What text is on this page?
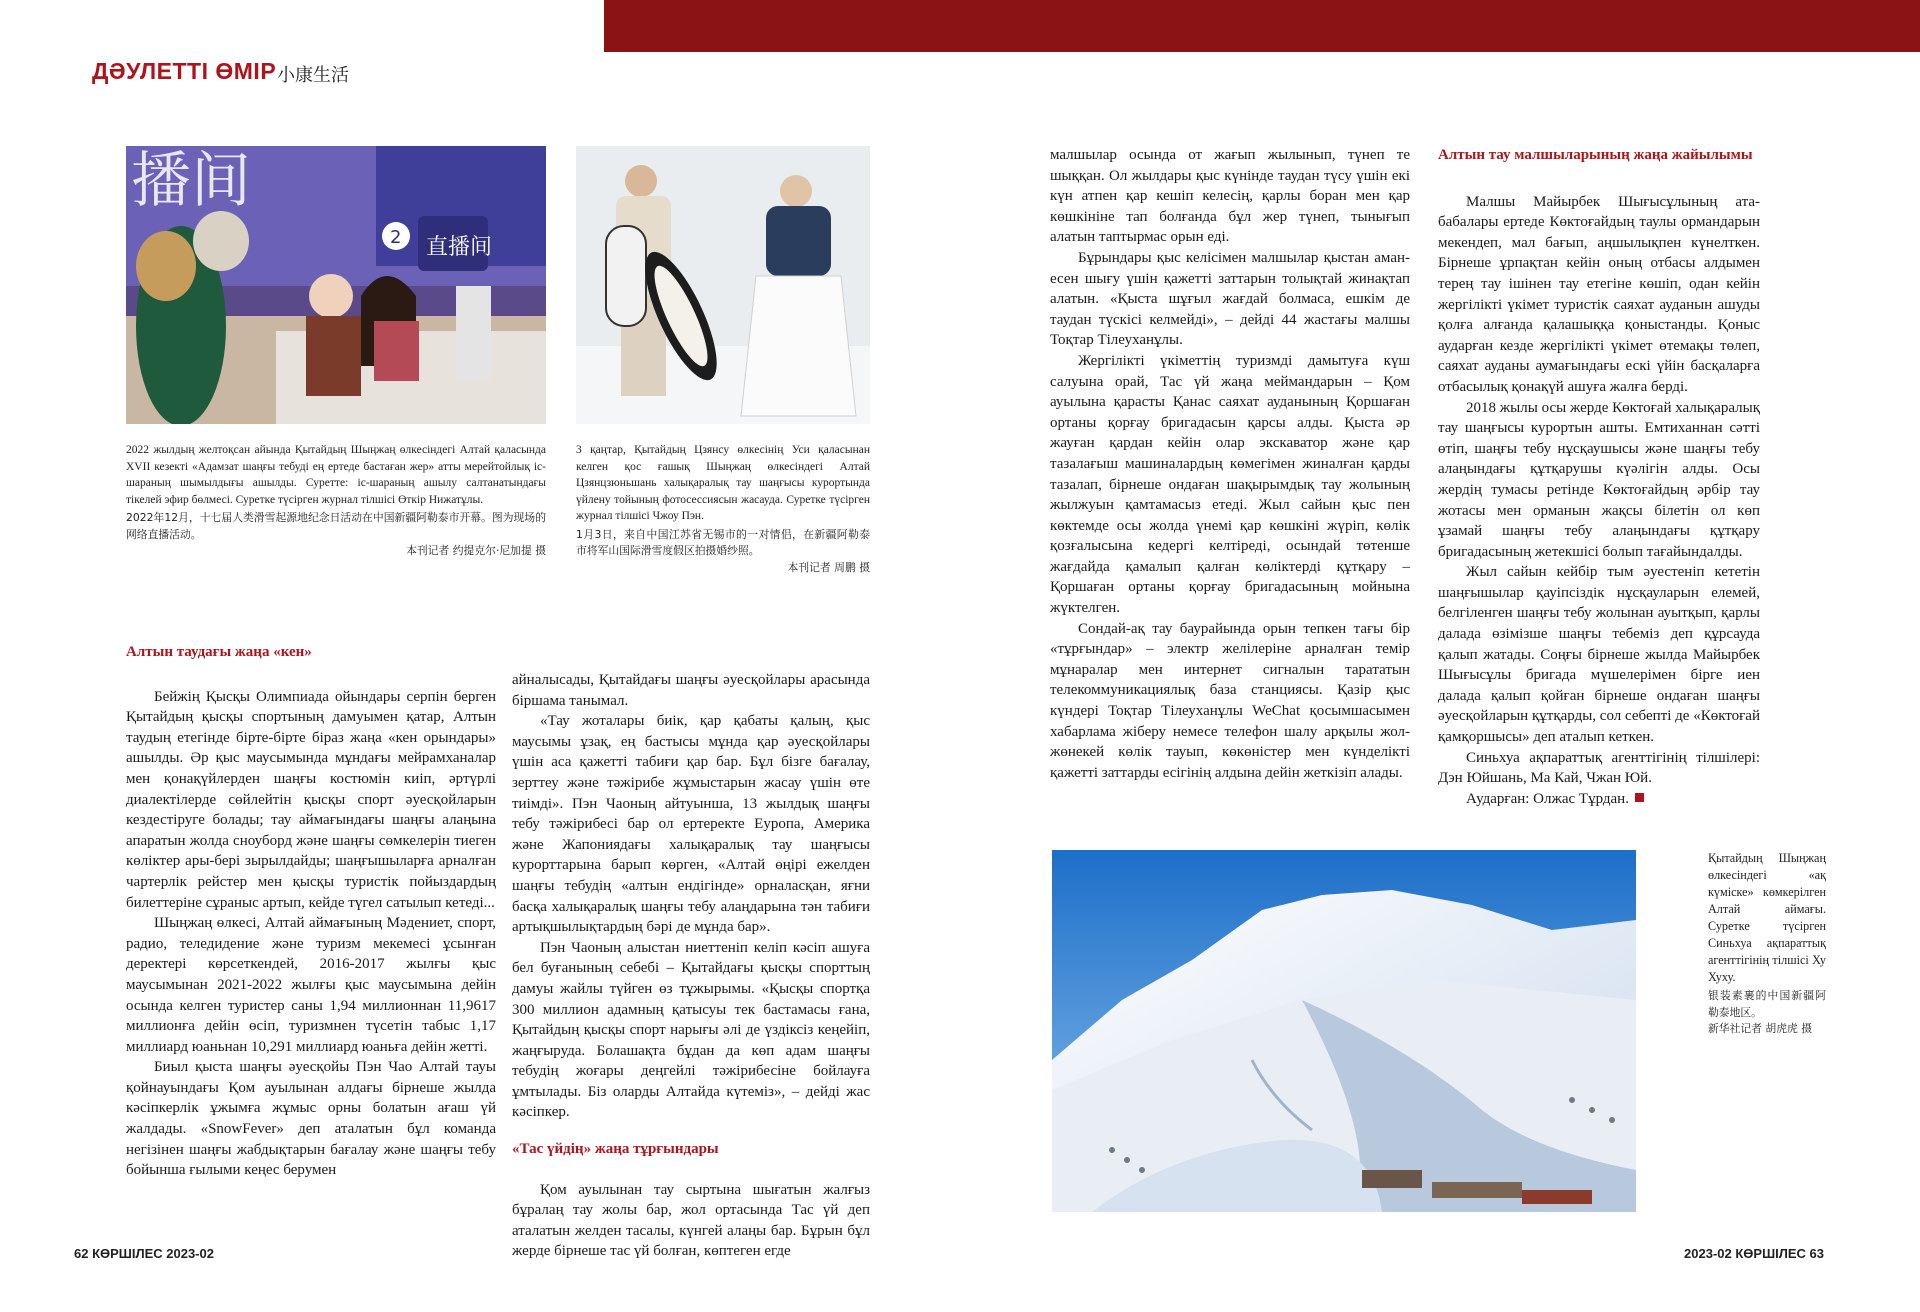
ДӘУЛЕТТІ ӨМІР 小康生活
直播间
2
播间
2022 жылдың желтоқсан айында Қытайдың Шыңжаң өлкесіндегі Алтай қаласында XVII кезекті «Адамзат шаңғы тебуді ең ертеде бастаған жер» атты мерейтойлық іс-шараның шымылдығы ашылды. Суретте: іс-шараның ашылу салтанатындағы тікелей эфир бөлмесі. Суретке түсірген журнал тілшісі Өткір Нижатұлы.
2022年12月，十七届人类滑雪起源地纪念日活动在中国新疆阿勒泰市开幕。图为现场的网络直播活动。
本刊记者 约提克尔·尼加提 摄
3 қаңтар, Қытайдың Цзянсу өлкесінің Уси қаласынан келген қос ғашық Шыңжаң өлкесіндегі Алтай Цзянцзюньшань халықаралық тау шаңғысы курортында үйлену тойының фотосессиясын жасауда. Суретке түсірген журнал тілшісі Чжоу Пэн.
1月3日，来自中国江苏省无锡市的一对情侣，在新疆阿勒泰市将军山国际滑雪度假区拍摄婚纱照。
本刊记者 周鹏 摄
Алтын таудағы жаңа «кен»

Бейжің Қысқы Олимпиада ойындары серпін берген Қытайдың қысқы спортының дамуымен қатар, Алтын таудың етегінде бірте-бірте біраз жаңа «кен орындары» ашылды. Әр қыс маусымында мұндағы мейрамханалар мен қонақүйлерден шаңғы костюмін киіп, әртүрлі диалектілерде сөйлейтін қысқы спорт әуесқойларын кездестіруге болады; тау аймағындағы шаңғы алаңына апаратын жолда сноуборд және шаңғы сөмкелерін тиеген көліктер ары-бері зырылдайды; шаңғышыларға арналған чартерлік рейстер мен қысқы туристік пойыздардың билеттеріне сұраныс артып, кейде түгел сатылып кетеді...

Шыңжаң өлкесі, Алтай аймағының Мәдениет, спорт, радио, теледидение және туризм мекемесі ұсынған деректері көрсеткендей, 2016-2017 жылғы қыс маусымынан 2021-2022 жылғы қыс маусымына дейін осында келген туристер саны 1,94 миллионнан 11,9617 миллионға дейін өсіп, туризмнен түсетін табыс 1,17 миллиард юаньнан 10,291 миллиард юаньға дейін жетті.

Биыл қыста шаңғы әуесқойы Пэн Чао Алтай тауы қойнауындағы Қом ауылынан алдағы бірнеше жылда кәсіпкерлік ұжымға жұмыс орны болатын ағаш үй жалдады. «SnowFever» деп аталатын бұл команда негізінен шаңғы жабдықтарын бағалау және шаңғы тебу бойынша ғылыми кеңес берумен

айналысады, Қытайдағы шаңғы әуесқойлары арасында біршама танымал.

«Тау жоталары биік, қар қабаты қалың, қыс маусымы ұзақ, ең бастысы мұнда қар әуесқойлары үшін аса қажетті табиғи қар бар. Бұл бізге бағалау, зерттеу және тәжірибе жұмыстарын жасау үшін өте тиімді». Пэн Чаоның айтуынша, 13 жылдық шаңғы тебу тәжірибесі бар ол ертеректе Еуропа, Америка және Жапониядағы халықаралық тау шаңғысы курорттарына барып көрген, «Алтай өңірі ежелден шаңғы тебудің «алтын ендігінде» орналасқан, яғни басқа халықаралық шаңғы тебу алаңдарына тән табиғи артықшылықтардың бәрі де мұнда бар».

Пэн Чаоның алыстан ниеттеніп келіп кәсіп ашуға бел буғанының себебі – Қытайдағы қысқы спорттың дамуы жайлы түйген өз тұжырымы. «Қысқы спортқа 300 миллион адамның қатысуы тек бастамасы ғана, Қытайдың қысқы спорт нарығы әлі де үздіксіз кеңейіп, жаңғыруда. Болашақта бұдан да көп адам шаңғы тебудің жоғары деңгейлі тәжірибесіне бойлауға ұмтылады. Біз оларды Алтайда күтеміз», – дейді жас кәсіпкер.

«Тас үйдің» жаңа тұрғындары

Қом ауылынан тау сыртына шығатын жалғыз бұралаң тау жолы бар, жол ортасында Тас үй деп аталатын желден тасалы, күнгей алаңы бар. Бұрын бұл жерде бірнеше тас үй болған, көптеген егде

малшылар осында от жағып жылынып, түнеп те шыққан. Ол жылдары қыс күнінде таудан түсу үшін екі күн атпен қар кешіп келесің, қарлы боран мен қар көшкініне тап болғанда бұл жер түнеп, тынығып алатын таптырмас орын еді.

Бұрындары қыс келісімен малшылар қыстан аман-есен шығу үшін қажетті заттарын толықтай жинақтап алатын. «Қыста шұғыл жағдай болмаса, ешкім де таудан түскісі келмейді», – дейді 44 жастағы малшы Тоқтар Тілеуханұлы.

Жергілікті үкіметтің туризмді дамытуға күш салуына орай, Тас үй жаңа меймандарын – Қом ауылына қарасты Қанас саяхат ауданының Қоршаған ортаны қорғау бригадасын қарсы алды. Қыста әр жауған қардан кейін олар экскаватор және қар тазалағыш машиналардың көмегімен жиналған қарды тазалап, бірнеше ондаған шақырымдық тау жолының жылжуын қамтамасыз етеді. Жыл сайын қыс пен көктемде осы жолда үнемі қар көшкіні жүріп, көлік қозғалысына кедергі келтіреді, осындай төтенше жағдайда қамалып қалған көліктерді құтқару – Қоршаған ортаны қорғау бригадасының мойнына жүктелген.

Сондай-ақ тау баурайында орын тепкен тағы бір «тұрғындар» – электр желілеріне арналған темір мұнаралар мен интернет сигналын тарататын телекоммуникациялық база станциясы. Қазір қыс күндері Тоқтар Тілеуханұлы WeChat қосымшасымен хабарлама жіберу немесе телефон шалу арқылы жол-жөнекей көлік тауып, көкөністер мен күнделікті қажетті заттарды есігінің алдына дейін жеткізіп алады.

Алтын тау малшыларының жаңа жайылымы

Малшы Майырбек Шығысұлының ата-бабалары ертеде Көктоғайдың таулы ормандарын мекендеп, мал бағып, аңшылықпен күнелткен. Бірнеше ұрпақтан кейін оның отбасы алдымен терең тау ішінен тау етегіне көшіп, одан кейін жергілікті үкімет туристік саяхат ауданын ашуды қолға алғанда қалашыққа қоныстанды. Қоныс аударған кезде жергілікті үкімет өтемақы төлеп, саяхат ауданы аумағындағы ескі үйін басқаларға отбасылық қонақүй ашуға жалға берді.

2018 жылы осы жерде Көктоғай халықаралық тау шаңғысы курортын ашты. Емтиханнан сәтті өтіп, шаңғы тебу нұсқаушысы және шаңғы тебу алаңындағы құтқарушы күәлігін алды. Осы жердің тумасы ретінде Көктоғайдың әрбір тау жотасы мен орманын жақсы білетін ол көп ұзамай шаңғы тебу алаңындағы құтқару бригадасының жетекшісі болып тағайындалды.

Жыл сайын кейбір тым әуестеніп кететін шаңғышылар қауіпсіздік нұсқауларын елемей, белгіленген шаңғы тебу жолынан ауытқып, қарлы далада өзімізше шаңғы тебеміз деп құрсауда қалып жатады. Соңғы бірнеше жылда Майырбек Шығысұлы бригада мүшелерімен бірге иен далада қалып қойған бірнеше ондаған шаңғы әуесқойларын құтқарды, сол себепті де «Көктоғай қамқоршысы» деп аталып кеткен.

Синьхуа ақпараттық агенттігінің тілшілері: Дэн Юйшань, Ма Кай, Чжан Юй.

Аударған: Олжас Тұрдан.

Қытайдың Шыңжаң өлкесіндегі «ақ күміске» көмкерілген Алтай аймағы. Суретке түсірген Синьхуа ақпараттық агенттігінің тілшісі Ху Хуху.
银装素裹的中国新疆阿勒泰地区。
新华社记者 胡虎虎 摄
62 КӨРШІЛЕС 2023-02	2023-02 КӨРШІЛЕС 63
